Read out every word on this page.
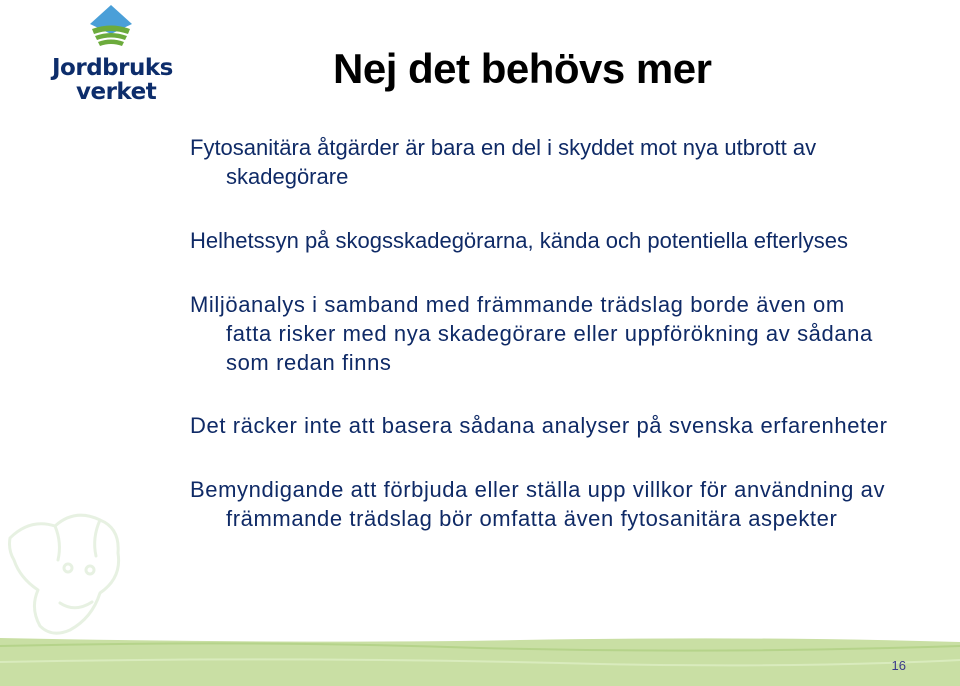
Jordbruks
verket	Nej det behövs mer
Fytosanitära åtgärder är bara en del i skyddet mot nya utbrott av skadegörare
Helhetssyn på skogsskadegörarna, kända och potentiella efterlyses
Miljöanalys i samband med främmande trädslag borde även om fatta risker med nya skadegörare eller uppförökning av sådana som redan finns
Det räcker inte att basera sådana analyser på svenska erfarenheter
Bemyndigande att förbjuda eller ställa upp villkor för användning av främmande trädslag bör omfatta även fytosanitära aspekter
16
